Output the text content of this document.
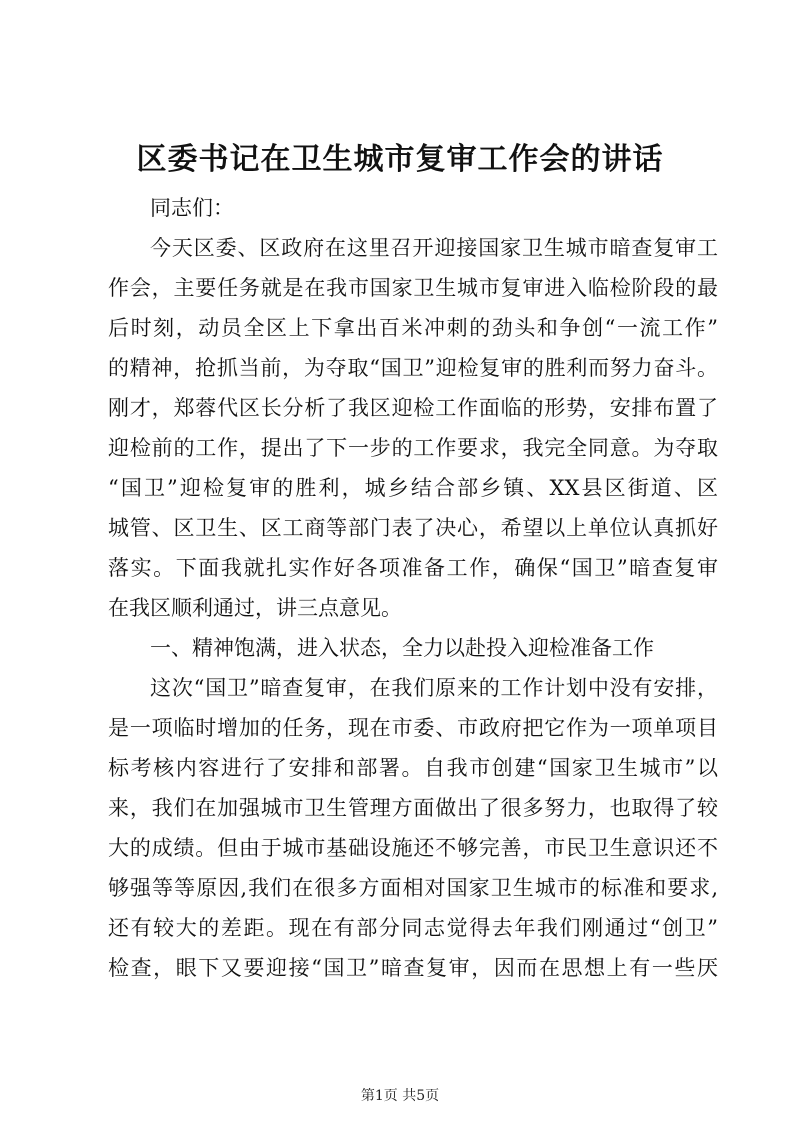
区委书记在卫生城市复审工作会的讲话
同志们：
今天区委、区政府在这里召开迎接国家卫生城市暗查复审工
作会，主要任务就是在我市国家卫生城市复审进入临检阶段的最
后时刻，动员全区上下拿出百米冲刺的劲头和争创“一流工作”
的精神，抢抓当前，为夺取“国卫”迎检复审的胜利而努力奋斗。
刚才，郑蓉代区长分析了我区迎检工作面临的形势，安排布置了
迎检前的工作，提出了下一步的工作要求，我完全同意。为夺取
“国卫”迎检复审的胜利，城乡结合部乡镇、XX县区街道、区
城管、区卫生、区工商等部门表了决心，希望以上单位认真抓好
落实。下面我就扎实作好各项准备工作，确保“国卫”暗查复审
在我区顺利通过，讲三点意见。
一、精神饱满，进入状态，全力以赴投入迎检准备工作
这次“国卫”暗查复审，在我们原来的工作计划中没有安排，
是一项临时增加的任务，现在市委、市政府把它作为一项单项目
标考核内容进行了安排和部署。自我市创建“国家卫生城市”以
来，我们在加强城市卫生管理方面做出了很多努力，也取得了较
大的成绩。但由于城市基础设施还不够完善，市民卫生意识还不
够强等等原因,我们在很多方面相对国家卫生城市的标准和要求,
还有较大的差距。现在有部分同志觉得去年我们刚通过“创卫”
检查，眼下又要迎接“国卫”暗查复审，因而在思想上有一些厌
第1页 共5页
